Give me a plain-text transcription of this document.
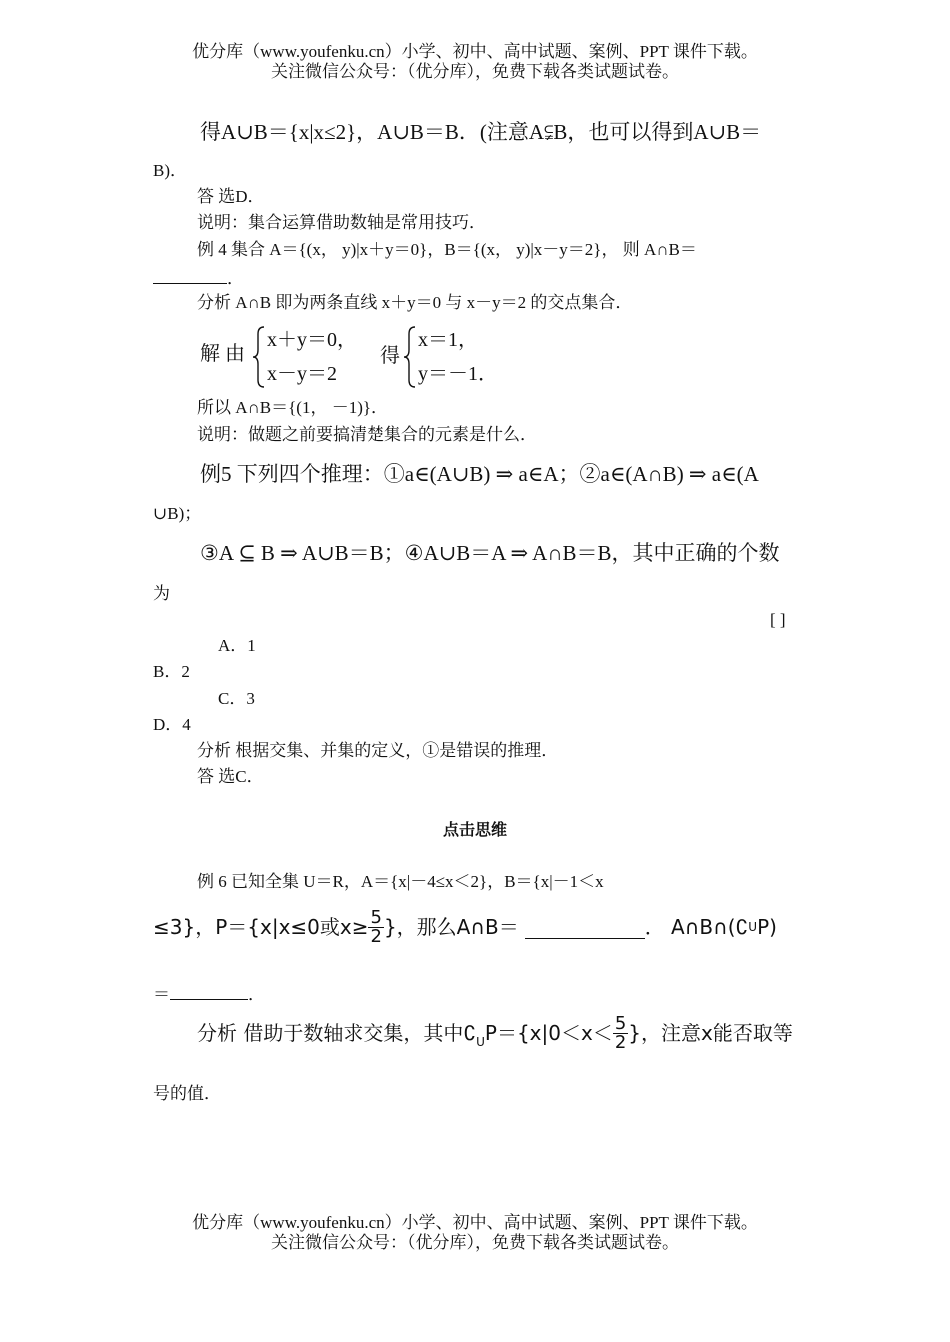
优分库（www.youfenku.cn）小学、初中、高中试题、案例、PPT 课件下载。
关注微信公众号：（优分库），免费下载各类试题试卷。
得A∪B＝{x|x≤2}，A∪B＝B．(注意A⫋B，也可以得到A∪B＝
B)．
答 选D．
说明：集合运算借助数轴是常用技巧．
例 4 集合 A＝{(x， y)|x＋y＝0}，B＝{(x， y)|x－y＝2}， 则 A∩B＝
．
分析 A∩B 即为两条直线 x＋y＝0 与 x－y＝2 的交点集合．
解 由
x＋y＝0，
x－y＝2
得
x＝1，
y＝－1．
所以 A∩B＝{(1， －1)}．
说明：做题之前要搞清楚集合的元素是什么．
例5 下列四个推理：①a∈(A∪B) ⇒ a∈A；②a∈(A∩B) ⇒ a∈(A
∪B)；
③A ⊆ B ⇒ A∪B＝B；④A∪B＝A ⇒ A∩B＝B，其中正确的个数
为
[ ]
A．1
B．2
C．3
D．4
分析 根据交集、并集的定义，①是错误的推理．
答 选C．
点击思维
例 6 已知全集 U＝R，A＝{x|－4≤x＜2}，B＝{x|－1＜x
≤3}，P＝{x|x≤0或$x\ge \frac{5}{2}$ }，那么A∩B＝	． A∩B∩(∁ U P)
＝	．
分析 借助于数轴求交集，其中$∁_U$ $P=\{x|0<x< \frac{5}{2}$ }，注意x能否取等
号的值．
优分库（www.youfenku.cn）小学、初中、高中试题、案例、PPT 课件下载。
关注微信公众号：（优分库），免费下载各类试题试卷。
